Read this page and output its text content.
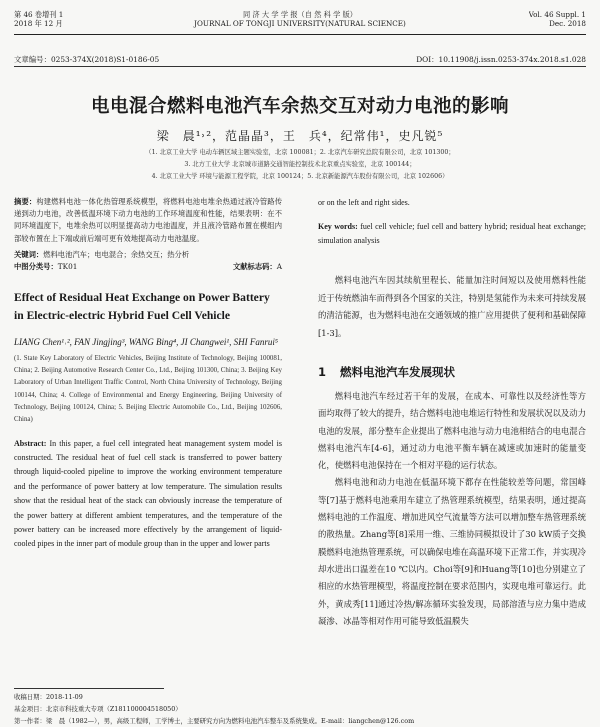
第 46 卷增刊 1
2018 年 12 月
同 济 大 学 学 报（自 然 科 学 版）
JOURNAL OF TONGJI UNIVERSITY(NATURAL SCIENCE)
Vol. 46 Suppl. 1
Dec. 2018
文章编号：0253-374X(2018)S1-0186-05	DOI：10.11908/j.issn.0253-374x.2018.s1.028
电电混合燃料电池汽车余热交互对动力电池的影响
梁　晨¹˒²，范晶晶³，王　兵⁴，纪常伟¹，史凡锐⁵
（1. 北京工业大学 电动车辆区域主题实验室，北京 100081；2. 北京汽车研究总院有限公司，北京 101300；
3. 北方工业大学 北京城市道路交通智能控制技术北京重点实验室，北京 100144；
4. 北京工业大学 环境与能源工程学院，北京 100124；5. 北京新能源汽车股份有限公司，北京 102606）
摘要：构建燃料电池一体化热管理系统模型，将燃料电池电堆余热通过液冷管路传递到动力电池，改善低温环境下动力电池的工作环境温度和性能，结果表明：在不同环境温度下，电堆余热可以明显提高动力电池温度，并且液冷管路布置在模组内部较布置在上下端或前后端可更有效地提高动力电池温度。
关键词：燃料电池汽车；电电混合；余热交互；热分析
中图分类号：TK01	文献标志码：A
Effect of Residual Heat Exchange on Power Battery in Electric-electric Hybrid Fuel Cell Vehicle
LIANG Chen¹˒², FAN Jingjing³, WANG Bing⁴, JI Changwei¹, SHI Fanrui⁵
(1. State Key Laboratory of Electric Vehicles, Beijing Institute of Technology, Beijing 100081, China; 2. Beijing Automotive Research Center Co., Ltd., Beijing 101300, China; 3. Beijing Key Laboratory of Urban Intelligent Traffic Control, North China University of Technology, Beijing 100144, China; 4. College of Environmental and Energy Engineering, Beijing University of Technology, Beijing 100124, China; 5. Beijing Electric Automobile Co., Ltd., Beijing 102606, China)
Abstract: In this paper, a fuel cell integrated heat management system model is constructed. The residual heat of fuel cell stack is transferred to power battery through liquid-cooled pipeline to improve the working environment temperature and the performance of power battery at low temperature. The simulation results show that the residual heat of the stack can obviously increase the temperature of the power battery at different ambient temperatures, and the temperature of the power battery can be increased more effectively by the arrangement of liquid-cooled pipes in the inner part of module group than in the upper and lower parts
or on the left and right sides.
Key words: fuel cell vehicle; fuel cell and battery hybrid; residual heat exchange; simulation analysis
燃料电池汽车因其续航里程长、能量加注时间短以及使用燃料性能近于传统燃油车而得到各个国家的关注，特别是氢能作为未来可持续发展的清洁能源，也为燃料电池在交通领域的推广应用提供了便利和基础保障[1-3]。
1 燃料电池汽车发展现状
燃料电池汽车经过若干年的发展，在成本、可靠性以及经济性等方面均取得了较大的提升，结合燃料电池电堆运行特性和发展状况以及动力电池的发展，部分整车企业提出了燃料电池与动力电池相结合的电电混合燃料电池汽车[4-6]，通过动力电池平衡车辆在减速或加速时的能量变化，使燃料电池保持在一个相对平稳的运行状态。
燃料电池和动力电池在低温环境下都存在性能较差等问题，常国峰等[7]基于燃料电池乘用车建立了热管理系统模型，结果表明，通过提高燃料电池的工作温度、增加进风空气流量等方法可以增加整车热管理系统的散热量。Zhang等[8]采用一维、三维协同模拟设计了30 kW质子交换膜燃料电池热管理系统，可以确保电堆在高温环境下正常工作，并实现冷却水进出口温差在10 ℃以内。Choi等[9]和Huang等[10]也分别建立了相应的水热管理模型，将温度控制在要求范围内，实现电堆可靠运行。此外，黄成秀[11]通过冷热/解冻循环实验发现，局部溶渣与应力集中造成凝渗、冰晶等相对作用可能导致低温膜失
收稿日期：2018-11-09
基金项目：北京市科技重大专项（Z181100004518050）
第一作者：梁　晨（1982—），男，高级工程师，工学博士，主要研究方向为燃料电池汽车整车及系统集成。E-mail：liangchen@126.com
